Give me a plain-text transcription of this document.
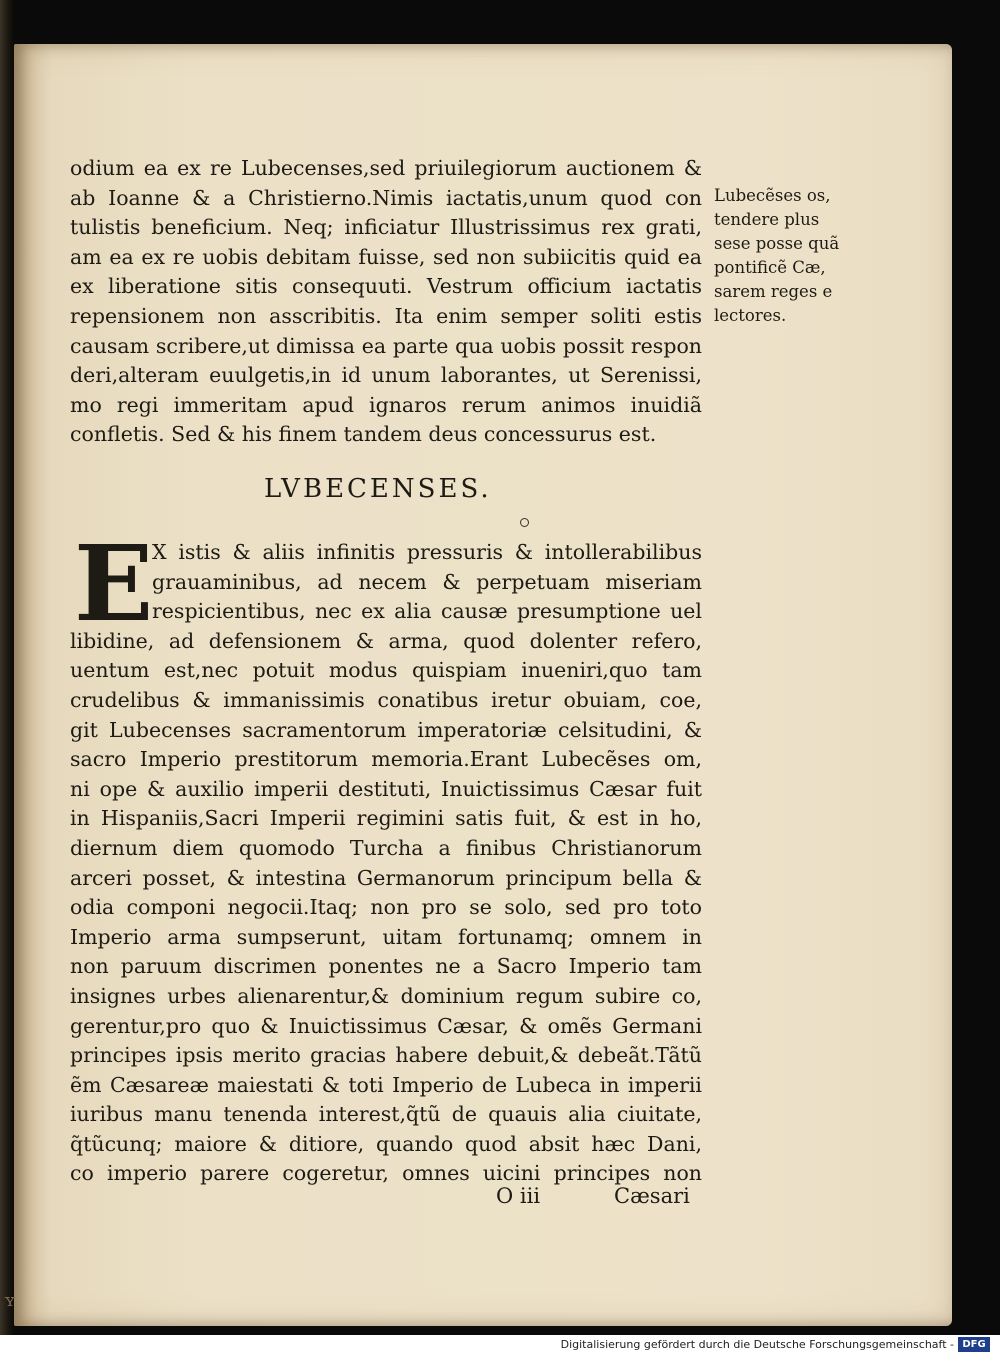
odium ea ex re Lubecenses,sed priuilegiorum auctionem &
ab Ioanne & a Christierno.Nimis iactatis,unum quod con
tulistis beneficium. Neq; inficiatur Illustrissimus rex grati,
am ea ex re uobis debitam fuisse, sed non subiicitis quid ea
ex liberatione sitis consequuti. Vestrum officium iactatis
repensionem non asscribitis. Ita enim semper soliti estis
causam scribere,ut dimissa ea parte qua uobis possit respon
deri,alteram euulgetis,in id unum laborantes, ut Serenissi,
mo regi immeritam apud ignaros rerum animos inuidiã
confletis. Sed & his finem tandem deus concessurus est.
LVBECENSES.
E
X istis & aliis infinitis pressuris & intollerabilibus
grauaminibus, ad necem & perpetuam miseriam
respicientibus, nec ex alia causæ presumptione uel
libidine, ad defensionem & arma, quod dolenter refero,
uentum est,nec potuit modus quispiam inueniri,quo tam
crudelibus & immanissimis conatibus iretur obuiam, coe,
git Lubecenses sacramentorum imperatoriæ celsitudini, &
sacro Imperio prestitorum memoria.Erant Lubecẽses om,
ni ope & auxilio imperii destituti, Inuictissimus Cæsar fuit
in Hispaniis,Sacri Imperii regimini satis fuit, & est in ho,
diernum diem quomodo Turcha a finibus Christianorum
arceri posset, & intestina Germanorum principum bella &
odia componi negocii.Itaq; non pro se solo, sed pro toto
Imperio arma sumpserunt, uitam fortunamq; omnem in
non paruum discrimen ponentes ne a Sacro Imperio tam
insignes urbes alienarentur,& dominium regum subire co,
gerentur,pro quo & Inuictissimus Cæsar, & omẽs Germani
principes ipsis merito gracias habere debuit,& debeãt.Tãtũ
ẽm Cæsareæ maiestati & toti Imperio de Lubeca in imperii
iuribus manu tenenda interest,q̃tũ de quauis alia ciuitate,
q̃tũcunq; maiore & ditiore, quando quod absit hæc Dani,
co imperio parere cogeretur, omnes uicini principes non
O iii	Cæsari
Lubecẽses os,
tendere plus
sese posse quã
pontificẽ Cæ,
sarem reges e
lectores.
ʏ
Digitalisierung gefördert durch die Deutsche Forschungsgemeinschaft - DFG
